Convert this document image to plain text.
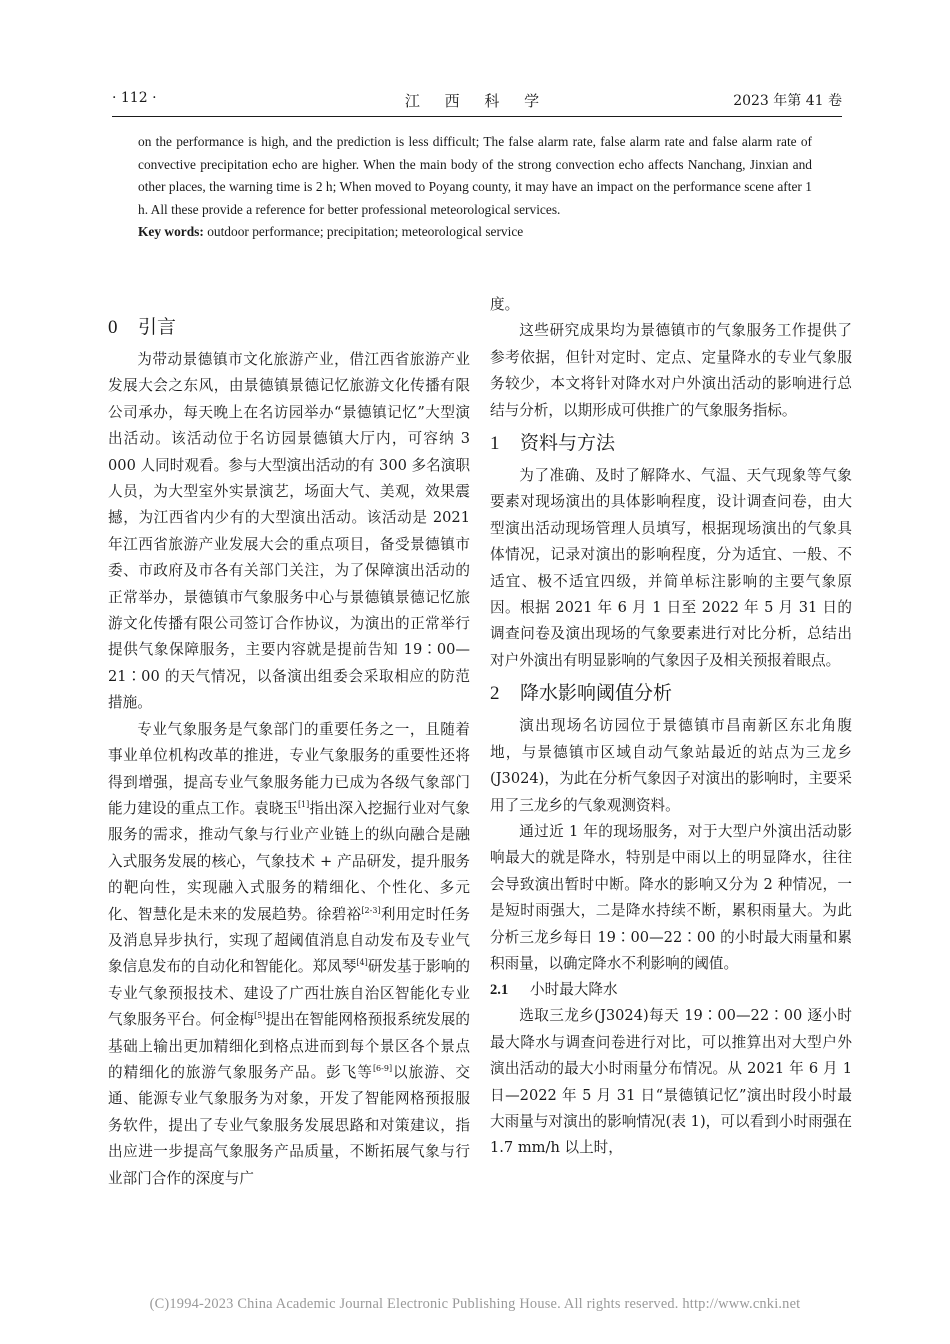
· 112 ·	江 西 科 学	2023 年第 41 卷

on the performance is high, and the prediction is less difficult; The false alarm rate, false alarm rate and false alarm rate of convective precipitation echo are higher. When the main body of the strong convection echo affects Nanchang, Jinxian and other places, the warning time is 2 h; When moved to Poyang county, it may have an impact on the performance scene after 1 h. All these provide a reference for better professional meteorological services.

Key words: outdoor performance; precipitation; meteorological service

0 引言

为带动景德镇市文化旅游产业，借江西省旅游产业发展大会之东风，由景德镇景德记忆旅游文化传播有限公司承办，每天晚上在名访园举办“景德镇记忆”大型演出活动。该活动位于名访园景德镇大厅内，可容纳 3 000 人同时观看。参与大型演出活动的有 300 多名演职人员，为大型室外实景演艺，场面大气、美观，效果震撼，为江西省内少有的大型演出活动。该活动是 2021 年江西省旅游产业发展大会的重点项目，备受景德镇市委、市政府及市各有关部门关注，为了保障演出活动的正常举办，景德镇市气象服务中心与景德镇景德记忆旅游文化传播有限公司签订合作协议，为演出的正常举行提供气象保障服务，主要内容就是提前告知 19∶00—21∶00 的天气情况，以备演出组委会采取相应的防范措施。

专业气象服务是气象部门的重要任务之一，且随着事业单位机构改革的推进，专业气象服务的重要性还将得到增强，提高专业气象服务能力已成为各级气象部门能力建设的重点工作。袁晓玉[1]指出深入挖掘行业对气象服务的需求，推动气象与行业产业链上的纵向融合是融入式服务发展的核心，气象技术 + 产品研发，提升服务的靶向性，实现融入式服务的精细化、个性化、多元化、智慧化是未来的发展趋势。徐碧裕[2-3]利用定时任务及消息异步执行，实现了超阈值消息自动发布及专业气象信息发布的自动化和智能化。郑凤琴[4]研发基于影响的专业气象预报技术、建设了广西壮族自治区智能化专业气象服务平台。何金梅[5]提出在智能网格预报系统发展的基础上输出更加精细化到格点进而到每个景区各个景点的精细化的旅游气象服务产品。彭飞等[6-9]以旅游、交通、能源专业气象服务为对象，开发了智能网格预报服务软件，提出了专业气象服务发展思路和对策建议，指出应进一步提高气象服务产品质量，不断拓展气象与行业部门合作的深度与广

度。

这些研究成果均为景德镇市的气象服务工作提供了参考依据，但针对定时、定点、定量降水的专业气象服务较少，本文将针对降水对户外演出活动的影响进行总结与分析，以期形成可供推广的气象服务指标。

1 资料与方法

为了准确、及时了解降水、气温、天气现象等气象要素对现场演出的具体影响程度，设计调查问卷，由大型演出活动现场管理人员填写，根据现场演出的气象具体情况，记录对演出的影响程度，分为适宜、一般、不适宜、极不适宜四级，并简单标注影响的主要气象原因。根据 2021 年 6 月 1 日至 2022 年 5 月 31 日的调查问卷及演出现场的气象要素进行对比分析，总结出对户外演出有明显影响的气象因子及相关预报着眼点。

2 降水影响阈值分析

演出现场名访园位于景德镇市昌南新区东北角腹地，与景德镇市区域自动气象站最近的站点为三龙乡(J3024)，为此在分析气象因子对演出的影响时，主要采用了三龙乡的气象观测资料。

通过近 1 年的现场服务，对于大型户外演出活动影响最大的就是降水，特别是中雨以上的明显降水，往往会导致演出暂时中断。降水的影响又分为 2 种情况，一是短时雨强大，二是降水持续不断，累积雨量大。为此分析三龙乡每日 19∶00—22∶00 的小时最大雨量和累积雨量，以确定降水不利影响的阈值。

2.1 小时最大降水

选取三龙乡(J3024)每天 19∶00—22∶00 逐小时最大降水与调查问卷进行对比，可以推算出对大型户外演出活动的最大小时雨量分布情况。从 2021 年 6 月 1 日—2022 年 5 月 31 日“景德镇记忆”演出时段小时最大雨量与对演出的影响情况(表 1)，可以看到小时雨强在 1.7 mm/h 以上时，

(C)1994-2023 China Academic Journal Electronic Publishing House. All rights reserved. http://www.cnki.net
